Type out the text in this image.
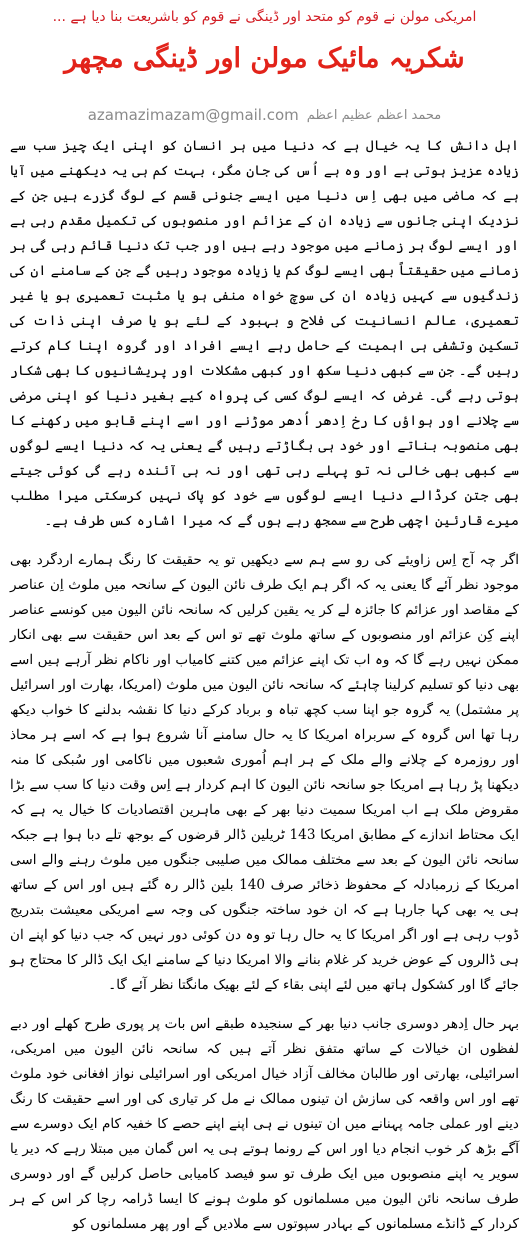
امریکی مولن نے قوم کو متحد اور ڈینگی نے قوم کو باشریعت بنا دیا ہے ...
شکریہ مائیک مولن اور ڈینگی مچھر
azamazimazam@gmail.com محمد اعظم عظیم اعظم

اہل دانش کا یہ خیال ہے کہ دنیا میں ہر انسان کو اپنی ایک چیز سب سے زیادہ عزیز ہوتی ہے اور وہ ہے اُس کی جان مگر، بہت کم ہی یہ دیکھنے میں آیا ہے کہ ماضی میں بھی اِس دنیا میں ایسے جنونی قسم کے لوگ گزرے ہیں جن کے نزدیک اپنی جانوں سے زیادہ ان کے عزائم اور منصوبوں کی تکمیل مقدم رہی ہے اور ایسے لوگ ہر زمانے میں موجود رہے ہیں اور جب تک دنیا قائم رہی گی ہر زمانے میں حقیقتاً بھی ایسے لوگ کم یا زیادہ موجود رہیں گے جن کے سامنے ان کی زندگیوں سے کہیں زیادہ ان کی سوچ خواہ منفی ہو یا مثبت تعمیری ہو یا غیر تعمیری، عالم انسانیت کی فلاح و بہبود کے لئے ہو یا صرف اپنی ذات کی تسکین وتشفی ہی اہمیت کے حامل رہے ایسے افراد اور گروہ اپنا کام کرتے رہیں گے۔ جن سے کبھی دنیا سکھ اور کبھی مشکلات اور پریشانیوں کا بھی شکار ہوتی رہے گی۔ غرض کہ ایسے لوگ کسی کی پرواہ کیے بغیر دنیا کو اپنی مرضی سے چلانے اور ہواؤں کا رخ اِدھر اُدھر موڑنے اور اسے اپنے قابو میں رکھنے کا بھی منصوبہ بناتے اور خود ہی بگاڑتے رہیں گے یعنی یہ کہ دنیا ایسے لوگوں سے کبھی بھی خالی نہ تو پہلے رہی تھی اور نہ ہی آئندہ رہے گی کوئی جیتے بھی جتن کرڈالے دنیا ایسے لوگوں سے خود کو پاک نہیں کرسکتی میرا مطلب میرے قارئین اچھی طرح سے سمجھ رہے ہوں گے کہ میرا اشارہ کس طرف ہے۔

اگر چہ آج اِس زاویئے کی رو سے ہم سے دیکھیں تو یہ حقیقت کا رنگ ہمارے اردگرد بھی موجود نظر آئے گا یعنی یہ کہ اگر ہم ایک طرف نائن الیون کے سانحہ میں ملوث اِن عناصر کے مقاصد اور عزائم کا جائزہ لے کر یہ یقین کرلیں کہ سانحہ نائن الیون میں کونسے عناصر اپنے کِن عزائم اور منصوبوں کے ساتھ ملوث تھے تو اس کے بعد اس حقیقت سے بھی انکار ممکن نہیں رہے گا کہ وہ اب تک اپنے عزائم میں کتنے کامیاب اور ناکام نظر آرہے ہیں اسے بھی دنیا کو تسلیم کرلینا چاہئے کہ سانحہ نائن الیون میں ملوث (امریکا، بھارت اور اسرائیل پر مشتمل) یہ گروہ جو اپنا سب کچھ تباہ و برباد کرکے دنیا کا نقشہ بدلنے کا خواب دیکھ رہا تھا اس گروہ کے سربراہ امریکا کا یہ حال سامنے آنا شروع ہوا ہے کہ اسے ہر محاذ اور روزمرہ کے چلانے والے ملک کے ہر اہم اُموری شعبوں میں ناکامی اور سُبکی کا منہ دیکھنا پڑ رہا ہے امریکا جو سانحہ نائن الیون کا اہم کردار ہے اِس وقت دنیا کا سب سے بڑا مقروض ملک ہے اب امریکا سمیت دنیا بھر کے بھی ماہرین اقتصادیات کا خیال یہ ہے کہ ایک محتاط اندازے کے مطابق امریکا 143 ٹریلین ڈالر قرضوں کے بوجھ تلے دبا ہوا ہے جبکہ سانحہ نائن الیون کے بعد سے مختلف ممالک میں صلیبی جنگوں میں ملوث رہنے والے اسی امریکا کے زرمبادلہ کے محفوظ ذخائر صرف 140 بلین ڈالر رہ گئے ہیں اور اس کے ساتھ ہی یہ بھی کہا جارہا ہے کہ ان خود ساختہ جنگوں کی وجہ سے امریکی معیشت بتدریج ڈوب رہی ہے اور اگر امریکا کا یہ حال رہا تو وہ دن کوئی دور نہیں کہ جب دنیا کو اپنے ان ہی ڈالروں کے عوض خرید کر غلام بنانے والا امریکا دنیا کے سامنے ایک ایک ڈالر کا محتاج ہو جائے گا اور کشکول ہاتھ میں لئے اپنی بقاء کے لئے بھیک مانگتا نظر آئے گا۔

بہر حال اِدھر دوسری جانب دنیا بھر کے سنجیدہ طبقے اس بات پر پوری طرح کھلے اور دبے لفظوں ان خیالات کے ساتھ متفق نظر آتے ہیں کہ سانحہ نائن الیون میں امریکی، اسرائیلی، بھارتی اور طالبان مخالف آزاد خیال امریکی اور اسرائیلی نواز افغانی خود ملوث تھے اور اس واقعہ کی سازش ان تینوں ممالک نے مل کر تیاری کی اور اسے حقیقت کا رنگ دینے اور عملی جامہ پہنانے میں ان تینوں نے ہی اپنے اپنے حصے کا خفیہ کام ایک دوسرے سے آگے بڑھ کر خوب انجام دیا اور اس کے رونما ہوتے ہی یہ اس گمان میں مبتلا رہے کہ دیر یا سویر یہ اپنے منصوبوں میں ایک طرف تو سو فیصد کامیابی حاصل کرلیں گے اور دوسری طرف سانحہ نائن الیون میں مسلمانوں کو ملوث ہونے کا ایسا ڈرامہ رچا کر اس کے ہر کردار کے ڈانڈے مسلمانوں کے بہادر سپوتوں سے ملادیں گے اور پھر مسلمانوں کو
